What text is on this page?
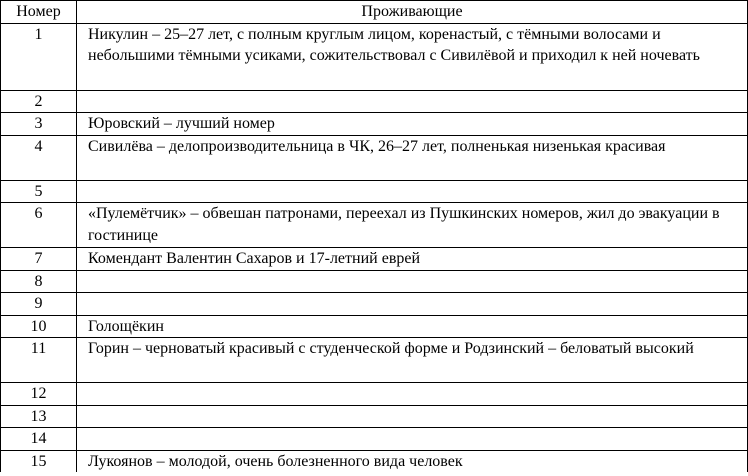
Номер	Проживающие
1	Никулин – 25–27 лет, с полным круглым лицом, коренастый, с тёмными волосами и небольшими тёмными усиками, сожительствовал с Сивилёвой и приходил к ней ночевать
2	
3	Юровский – лучший номер
4	Сивилёва – делопроизводительница в ЧК, 26–27 лет, полненькая низенькая красивая
5	
6	«Пулемётчик» – обвешан патронами, переехал из Пушкинских номеров, жил до эвакуации в гостинице
7	Комендант Валентин Сахаров и 17-летний еврей
8	
9	
10	Голощёкин
11	Горин – черноватый красивый с студенческой форме и Родзинский – беловатый высокий
12	
13	
14	
15	Лукоянов – молодой, очень болезненного вида человек
